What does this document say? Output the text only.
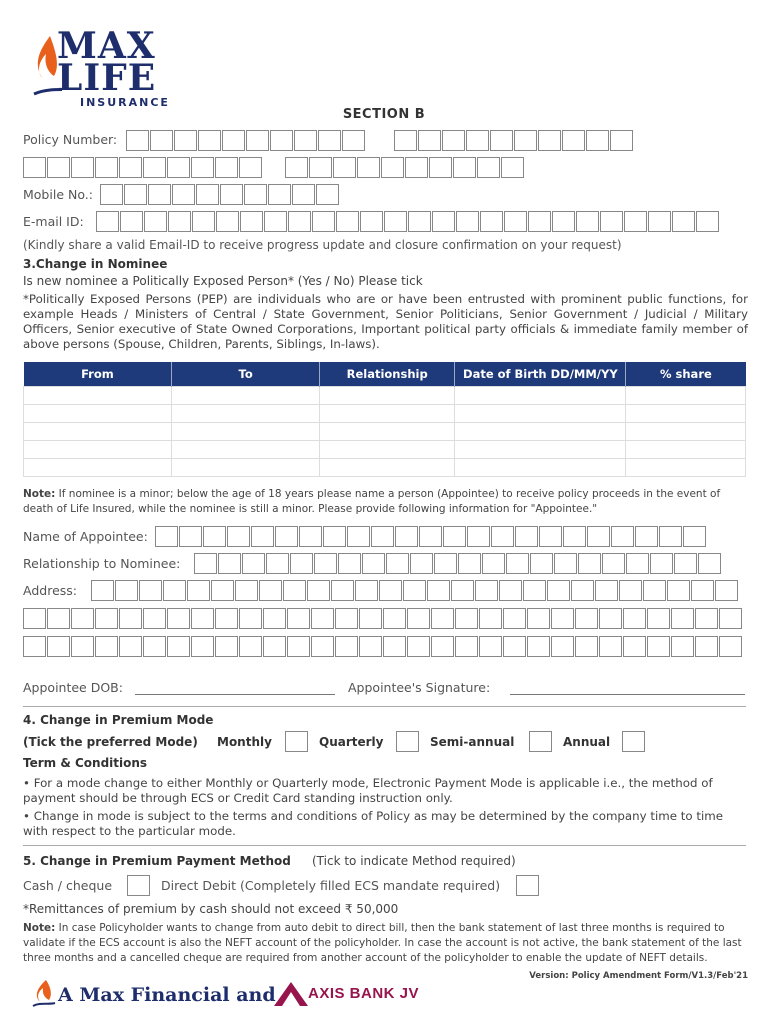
MAX
LIFE
INSURANCE
SECTION B
Policy Number:
Mobile No.:
E-mail ID:
(Kindly share a valid Email-ID to receive progress update and closure confirmation on your request)
3.Change in Nominee
Is new nominee a Politically Exposed Person* (Yes / No) Please tick
*Politically Exposed Persons (PEP) are individuals who are or have been entrusted with prominent public functions, for example Heads / Ministers of Central / State Government, Senior Politicians, Senior Government / Judicial / Military Officers, Senior executive of State Owned Corporations, Important political party officials & immediate family member of above persons (Spouse, Children, Parents, Siblings, In-laws).
From	To	Relationship	Date of Birth DD/MM/YY	% share

Note: If nominee is a minor; below the age of 18 years please name a person (Appointee) to receive policy proceeds in the event of death of Life Insured, while the nominee is still a minor. Please provide following information for "Appointee."
Name of Appointee:
Relationship to Nominee:
Address:
Appointee DOB:	Appointee's Signature:
4. Change in Premium Mode
(Tick the preferred Mode) Monthly	Quarterly	Semi-annual	Annual
Term & Conditions
• For a mode change to either Monthly or Quarterly mode, Electronic Payment Mode is applicable i.e., the method of payment should be through ECS or Credit Card standing instruction only.
• Change in mode is subject to the terms and conditions of Policy as may be determined by the company time to time with respect to the particular mode.
5. Change in Premium Payment Method (Tick to indicate Method required)
Cash / cheque	Direct Debit (Completely filled ECS mandate required)
*Remittances of premium by cash should not exceed ₹ 50,000
Note: In case Policyholder wants to change from auto debit to direct bill, then the bank statement of last three months is required to validate if the ECS account is also the NEFT account of the policyholder. In case the account is not active, the bank statement of the last three months and a cancelled cheque are required from another account of the policyholder to enable the update of NEFT details.
Version: Policy Amendment Form/V1.3/Feb'21
A Max Financial and AXIS BANK JV
